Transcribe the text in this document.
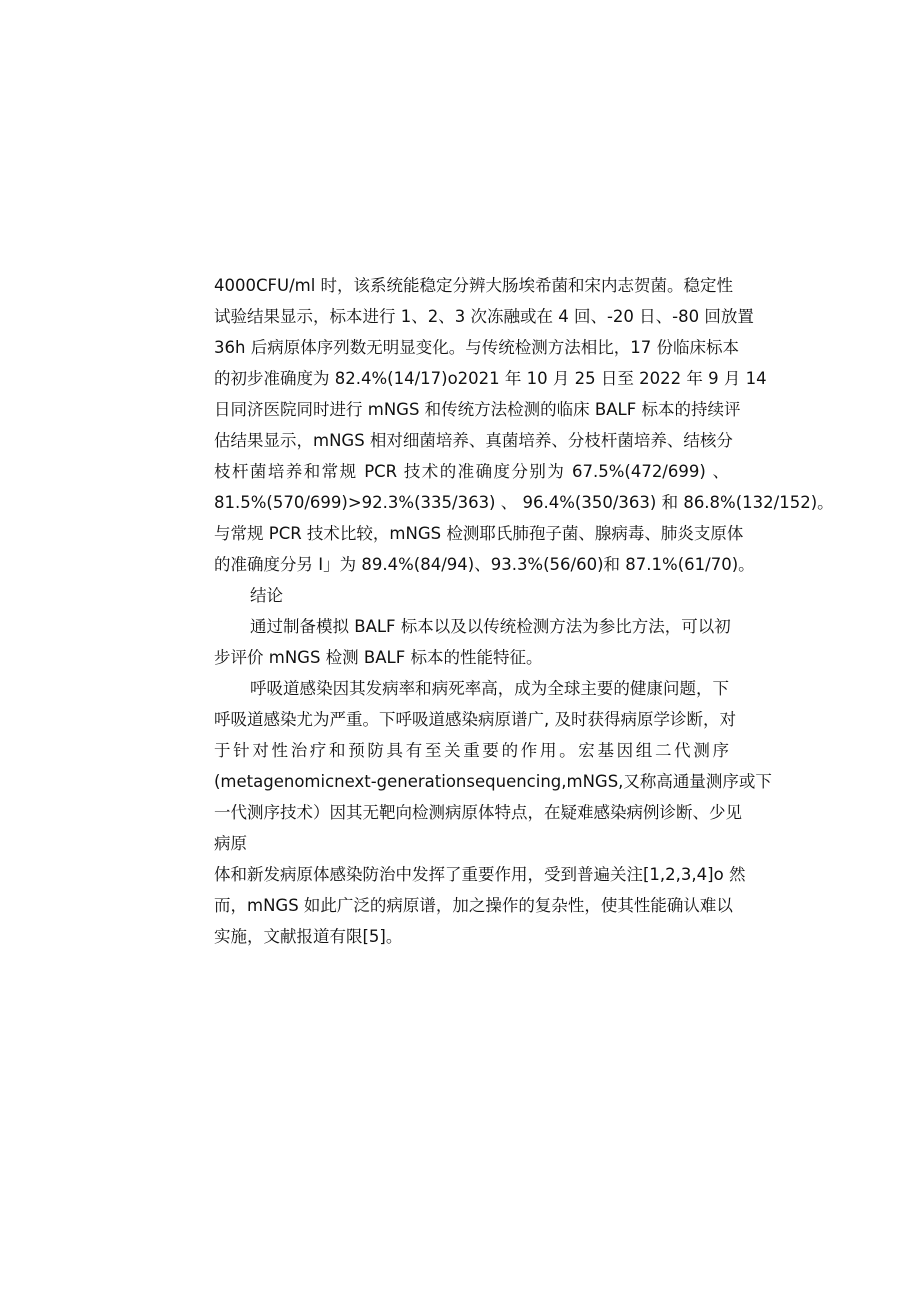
4000CFU/ml 时，该系统能稳定分辨大肠埃希菌和宋内志贺菌。稳定性
试验结果显示，标本进行 1、2、3 次冻融或在 4 回、-20 日、-80 回放置
36h 后病原体序列数无明显变化。与传统检测方法相比，17 份临床标本
的初步准确度为 82.4%(14/17)o2021 年 10 月 25 日至 2022 年 9 月 14
日同济医院同时进行 mNGS 和传统方法检测的临床 BALF 标本的持续评
估结果显示，mNGS 相对细菌培养、真菌培养、分枝杆菌培养、结核分
枝杆菌培养和常规 PCR 技术的准确度分别为 67.5%(472/699) 、
81.5%(570/699)>92.3%(335/363) 、 96.4%(350/363) 和 86.8%(132/152)。
与常规 PCR 技术比较，mNGS 检测耶氏肺孢子菌、腺病毒、肺炎支原体
的准确度分另 I」为 89.4%(84/94)、93.3%(56/60)和 87.1%(61/70)。
结论
通过制备模拟 BALF 标本以及以传统检测方法为参比方法，可以初
步评价 mNGS 检测 BALF 标本的性能特征。
呼吸道感染因其发病率和病死率高，成为全球主要的健康问题，下
呼吸道感染尤为严重。下呼吸道感染病原谱广, 及时获得病原学诊断，对
于针对性治疗和预防具有至关重要的作用。宏基因组二代测序
(metagenomicnext-generationsequencing,mNGS,又称高通量测序或下
一代测序技术）因其无靶向检测病原体特点，在疑难感染病例诊断、少见
病原
体和新发病原体感染防治中发挥了重要作用，受到普遍关注[1,2,3,4]o 然
而，mNGS 如此广泛的病原谱，加之操作的复杂性，使其性能确认难以
实施，文献报道有限[5]。
